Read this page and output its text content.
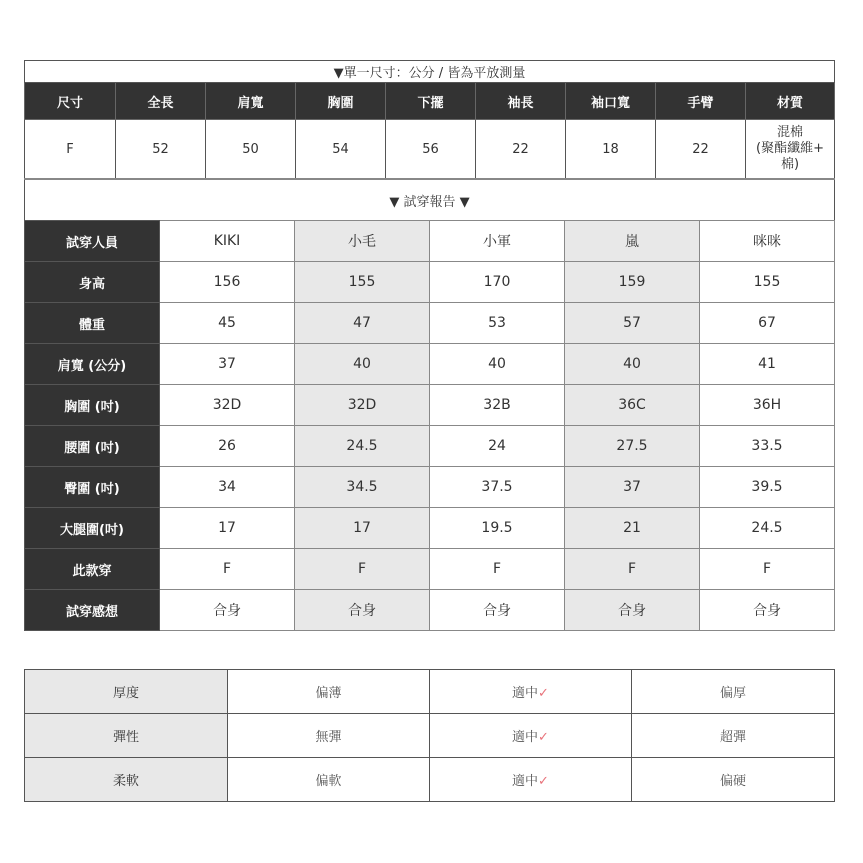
▼單一尺寸：公分 / 皆為平放測量								
尺寸	全長	肩寬	胸圍	下擺	袖長	袖口寬	手臂	材質
F	52	50	54	56	22	18	22	混棉
(聚酯纖維+
棉)
▼ 試穿報告 ▼								
試穿人員	KIKI	小毛	小軍	嵐	咪咪
身高	156	155	170	159	155
體重	45	47	53	57	67
肩寬 (公分)	37	40	40	40	41
胸圍 (吋)	32D	32D	32B	36C	36H
腰圍 (吋)	26	24.5	24	27.5	33.5
臀圍 (吋)	34	34.5	37.5	37	39.5
大腿圍(吋)	17	17	19.5	21	24.5
此款穿	F	F	F	F	F
試穿感想	合身	合身	合身	合身	合身
厚度	偏薄	適中✓	偏厚
彈性	無彈	適中✓	超彈
柔軟	偏軟	適中✓	偏硬
